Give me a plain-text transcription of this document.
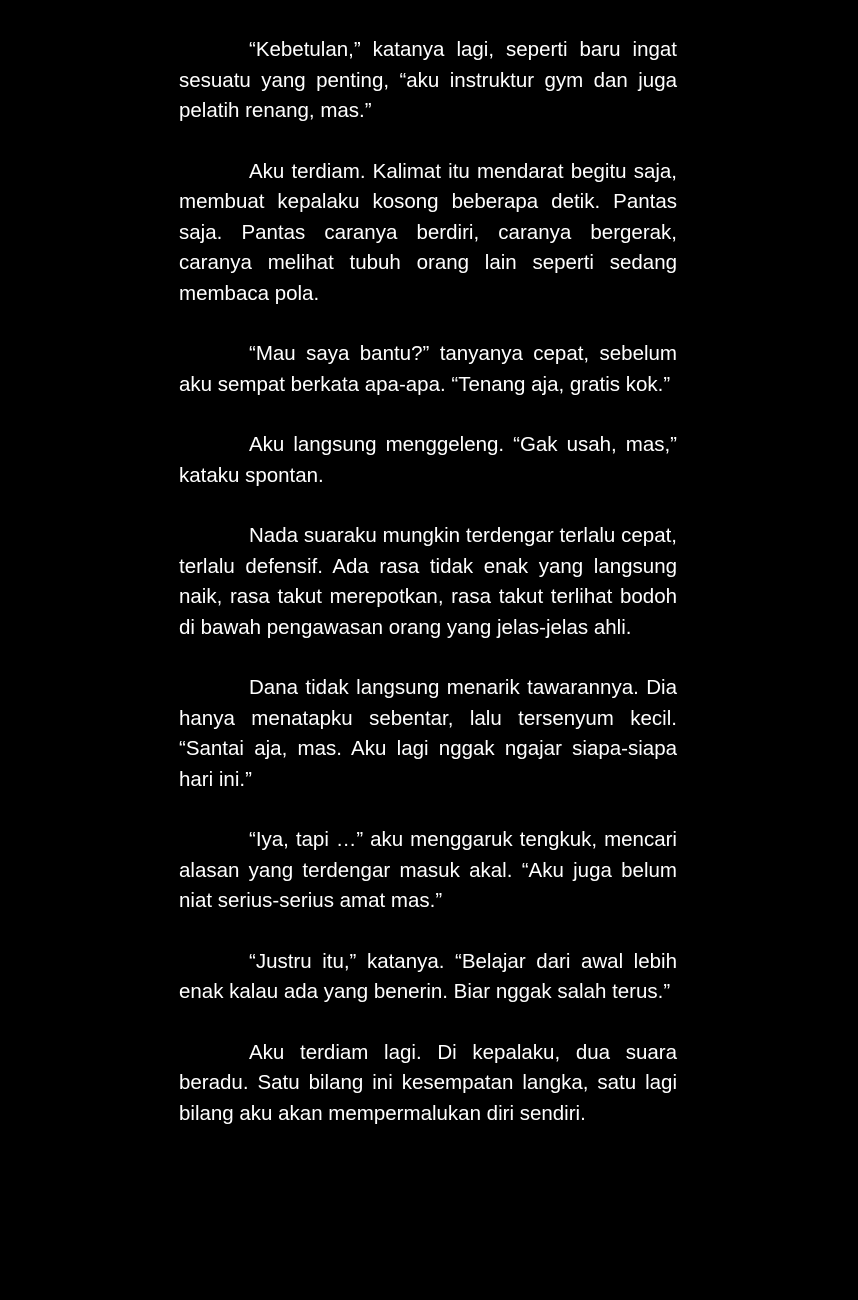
“Kebetulan,” katanya lagi, seperti baru ingat sesuatu yang penting, “aku instruktur gym dan juga pelatih renang, mas.”

Aku terdiam. Kalimat itu mendarat begitu saja, membuat kepalaku kosong beberapa detik. Pantas saja. Pantas caranya berdiri, caranya bergerak, caranya melihat tubuh orang lain seperti sedang membaca pola.

“Mau saya bantu?” tanyanya cepat, sebelum aku sempat berkata apa-apa. “Tenang aja, gratis kok.”

Aku langsung menggeleng. “Gak usah, mas,” kataku spontan.

Nada suaraku mungkin terdengar terlalu cepat, terlalu defensif. Ada rasa tidak enak yang langsung naik, rasa takut merepotkan, rasa takut terlihat bodoh di bawah pengawasan orang yang jelas-jelas ahli.

Dana tidak langsung menarik tawarannya. Dia hanya menatapku sebentar, lalu tersenyum kecil. “Santai aja, mas. Aku lagi nggak ngajar siapa-siapa hari ini.”

“Iya, tapi …” aku menggaruk tengkuk, mencari alasan yang terdengar masuk akal. “Aku juga belum niat serius-serius amat mas.”

“Justru itu,” katanya. “Belajar dari awal lebih enak kalau ada yang benerin. Biar nggak salah terus.”

Aku terdiam lagi. Di kepalaku, dua suara beradu. Satu bilang ini kesempatan langka, satu lagi bilang aku akan mempermalukan diri sendiri.
